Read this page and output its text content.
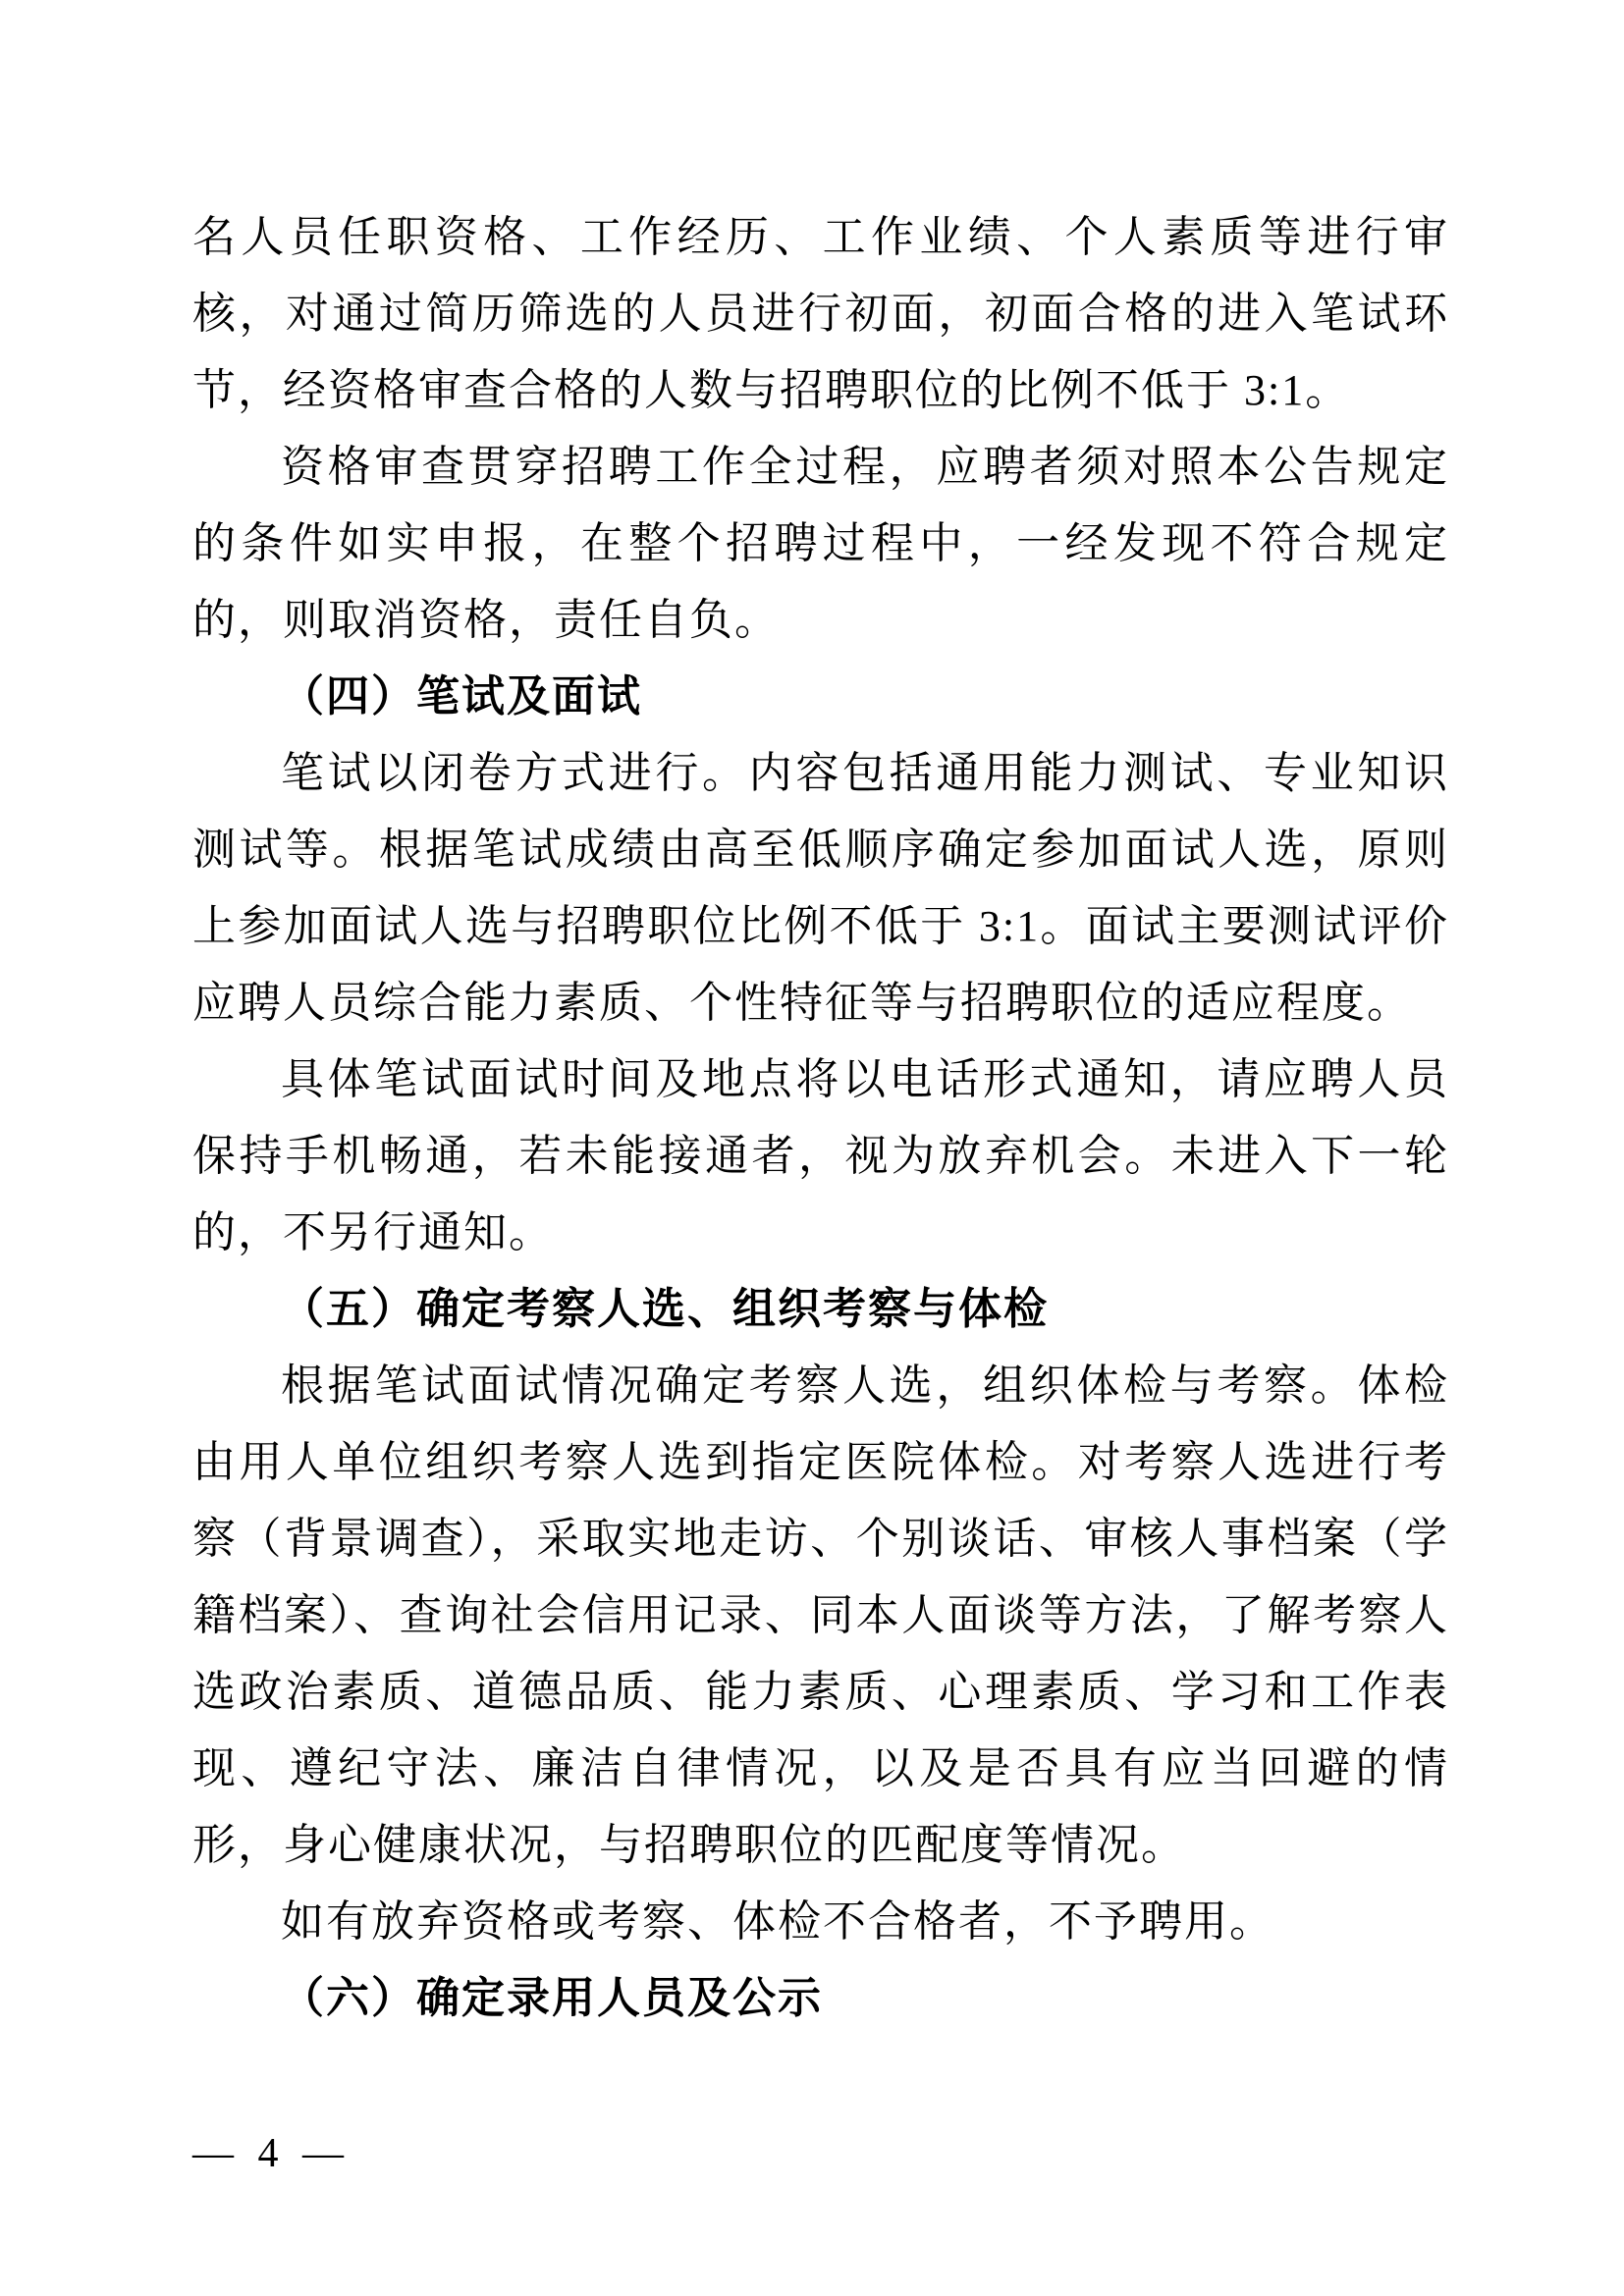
名人员任职资格、工作经历、工作业绩、个人素质等进行审核，对通过简历筛选的人员进行初面，初面合格的进入笔试环节，经资格审查合格的人数与招聘职位的比例不低于 3:1。

资格审查贯穿招聘工作全过程，应聘者须对照本公告规定的条件如实申报，在整个招聘过程中，一经发现不符合规定的，则取消资格，责任自负。

（四）笔试及面试

笔试以闭卷方式进行。内容包括通用能力测试、专业知识测试等。根据笔试成绩由高至低顺序确定参加面试人选，原则上参加面试人选与招聘职位比例不低于 3:1。面试主要测试评价应聘人员综合能力素质、个性特征等与招聘职位的适应程度。

具体笔试面试时间及地点将以电话形式通知，请应聘人员保持手机畅通，若未能接通者，视为放弃机会。未进入下一轮的，不另行通知。

（五）确定考察人选、组织考察与体检

根据笔试面试情况确定考察人选，组织体检与考察。体检由用人单位组织考察人选到指定医院体检。对考察人选进行考察（背景调查），采取实地走访、个别谈话、审核人事档案（学籍档案）、查询社会信用记录、同本人面谈等方法，了解考察人选政治素质、道德品质、能力素质、心理素质、学习和工作表现、遵纪守法、廉洁自律情况，以及是否具有应当回避的情形，身心健康状况，与招聘职位的匹配度等情况。

如有放弃资格或考察、体检不合格者，不予聘用。

（六）确定录用人员及公示
— 4 —
